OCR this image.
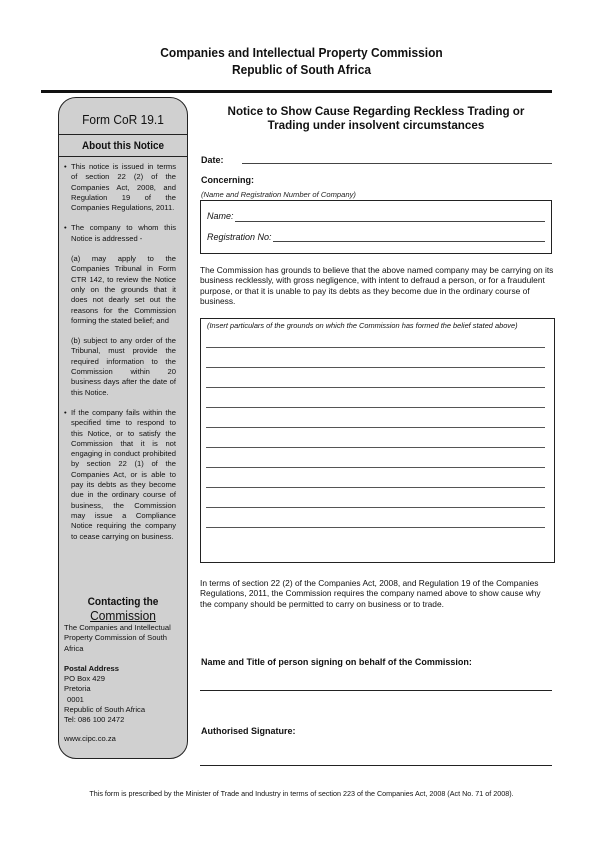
Companies and Intellectual Property Commission
Republic of South Africa
Form CoR 19.1
About this Notice

• This notice is issued in terms of section 22 (2) of the Companies Act, 2008, and Regulation 19 of the Companies Regulations, 2011.

• The company to whom this Notice is addressed -

(a) may apply to the Companies Tribunal in Form CTR 142, to review the Notice only on the grounds that it does not dearly set out the reasons for the Commission forming the stated belief; and

(b) subject to any order of the Tribunal, must provide the required information to the Commission within 20 business days after the date of this Notice.

• If the company fails within the specified time to respond to this Notice, or to satisfy the Commission that it is not engaging in conduct prohibited by section 22 (1) of the Companies Act, or is able to pay its debts as they become due in the ordinary course of business, the Commission may issue a Compliance Notice requiring the company to cease carrying on business.

Contacting the
Commission
The Companies and Intellectual Property Commission of South Africa
Postal Address
PO Box 429
Pretoria
0001
Republic of South Africa
Tel: 086 100 2472
www.cipc.co.za
Notice to Show Cause Regarding Reckless Trading or
Trading under insolvent circumstances
Date:
Concerning:
(Name and Registration Number of Company)
Name:
Registration No:
The Commission has grounds to believe that the above named company may be carrying on its business recklessly, with gross negligence, with intent to defraud a person, or for a fraudulent purpose, or that it is unable to pay its debts as they become due in the ordinary course of business.
(Insert particulars of the grounds on which the Commission has formed the belief stated above)
In terms of section 22 (2) of the Companies Act, 2008, and Regulation 19 of the Companies Regulations, 2011, the Commission requires the company named above to show cause why the company should be permitted to carry on business or to trade.
Name and Title of person signing on behalf of the Commission:
Authorised Signature:
This form is prescribed by the Minister of Trade and Industry in terms of section 223 of the Companies Act, 2008 (Act No. 71 of 2008).
